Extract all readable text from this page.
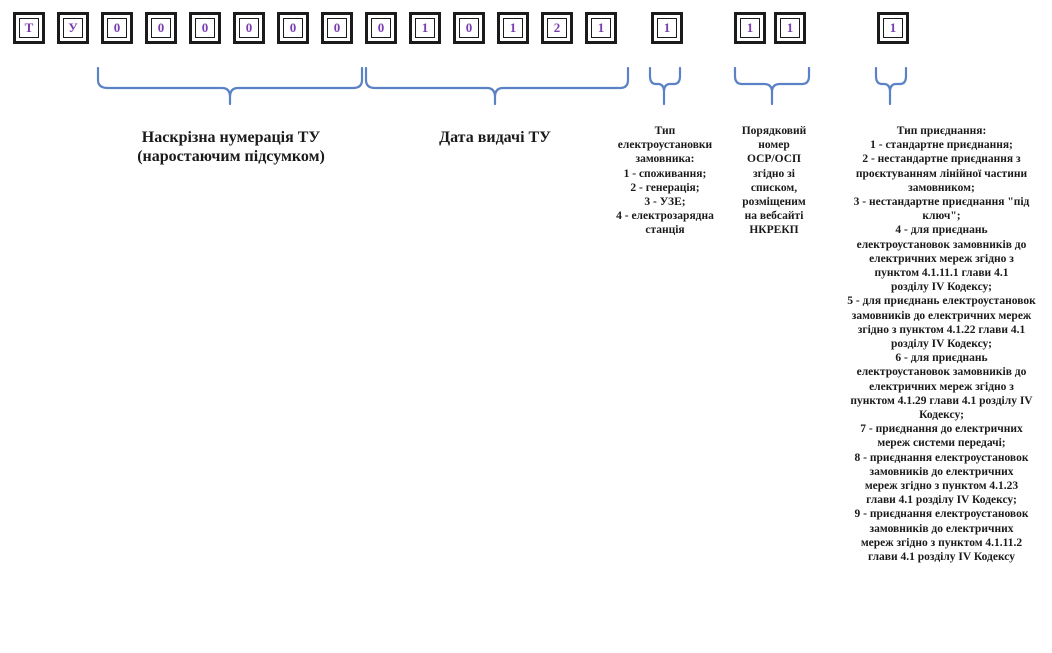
Т	У	0	0	0	0	0	0	0	1	0	1	2	1	1	1	1	1
Наскрізна нумерація ТУ
(наростаючим підсумком)
Дата видачі ТУ	Тип
електроустановки
замовника:
1 - споживання;
2 - генерація;
3 - УЗЕ;
4 - електрозарядна
станція
Порядковий
номер
ОСР/ОСП
згідно зі
списком,
розміщеним
на вебсайті
НКРЕКП
Тип приєднання:
1 - стандартне приєднання;
2 - нестандартне приєднання з
проєктуванням лінійної частини
замовником;
3 - нестандартне приєднання "під
ключ";
4 - для приєднань
електроустановок замовників до
електричних мереж згідно з
пунктом 4.1.11.1 глави 4.1
розділу IV Кодексу;
5 - для приєднань електроустановок
замовників до електричних мереж
згідно з пунктом 4.1.22 глави 4.1
розділу IV Кодексу;
6 - для приєднань
електроустановок замовників до
електричних мереж згідно з
пунктом 4.1.29 глави 4.1 розділу IV
Кодексу;
7 - приєднання до електричних
мереж системи передачі;
8 - приєднання електроустановок
замовників до електричних
мереж згідно з пунктом 4.1.23
глави 4.1 розділу IV Кодексу;
9 - приєднання електроустановок
замовників до електричних
мереж згідно з пунктом 4.1.11.2
глави 4.1 розділу IV Кодексу
